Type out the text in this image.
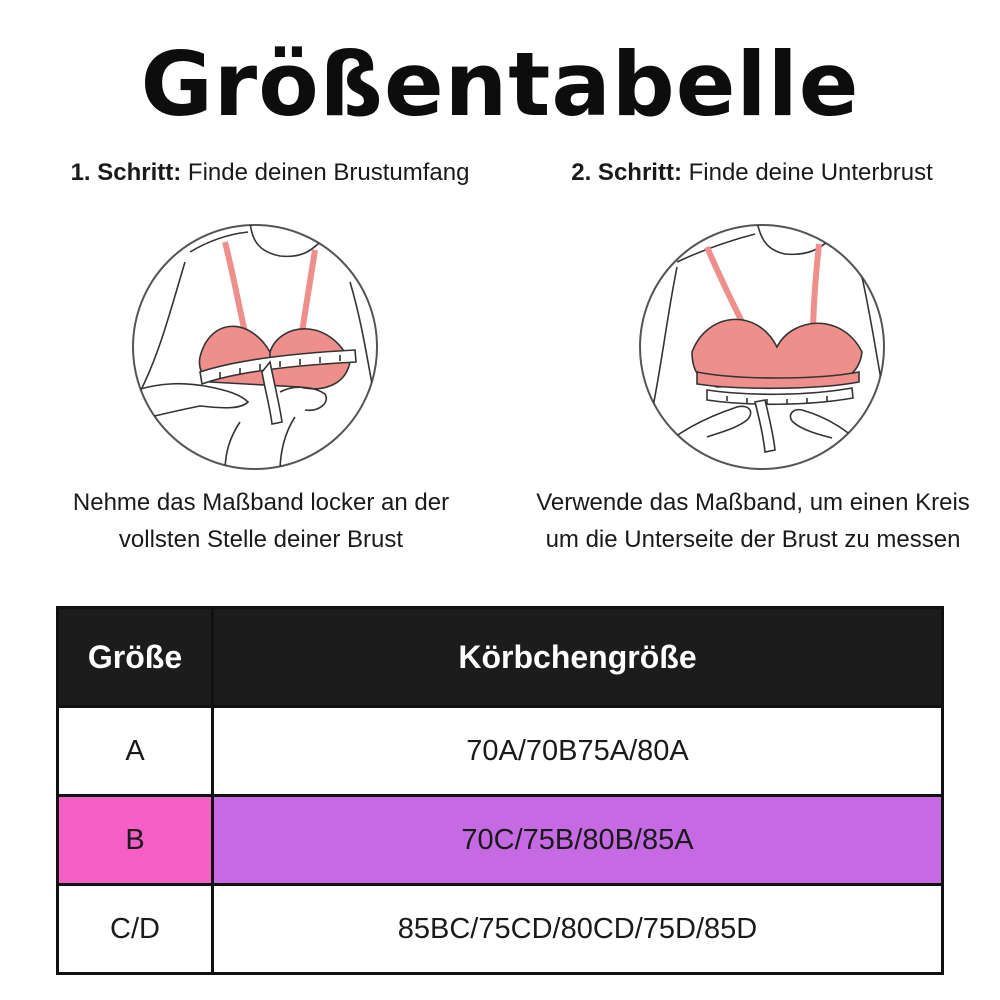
Größentabelle
1. Schritt: Finde deinen Brustumfang	2. Schritt: Finde deine Unterbrust
Nehme das Maßband locker an der vollsten Stelle deiner Brust
Verwende das Maßband, um einen Kreis um die Unterseite der Brust zu messen
Größe	Körbchengröße
A	70A/70B75A/80A
B	70C/75B/80B/85A
C/D	85BC/75CD/80CD/75D/85D
